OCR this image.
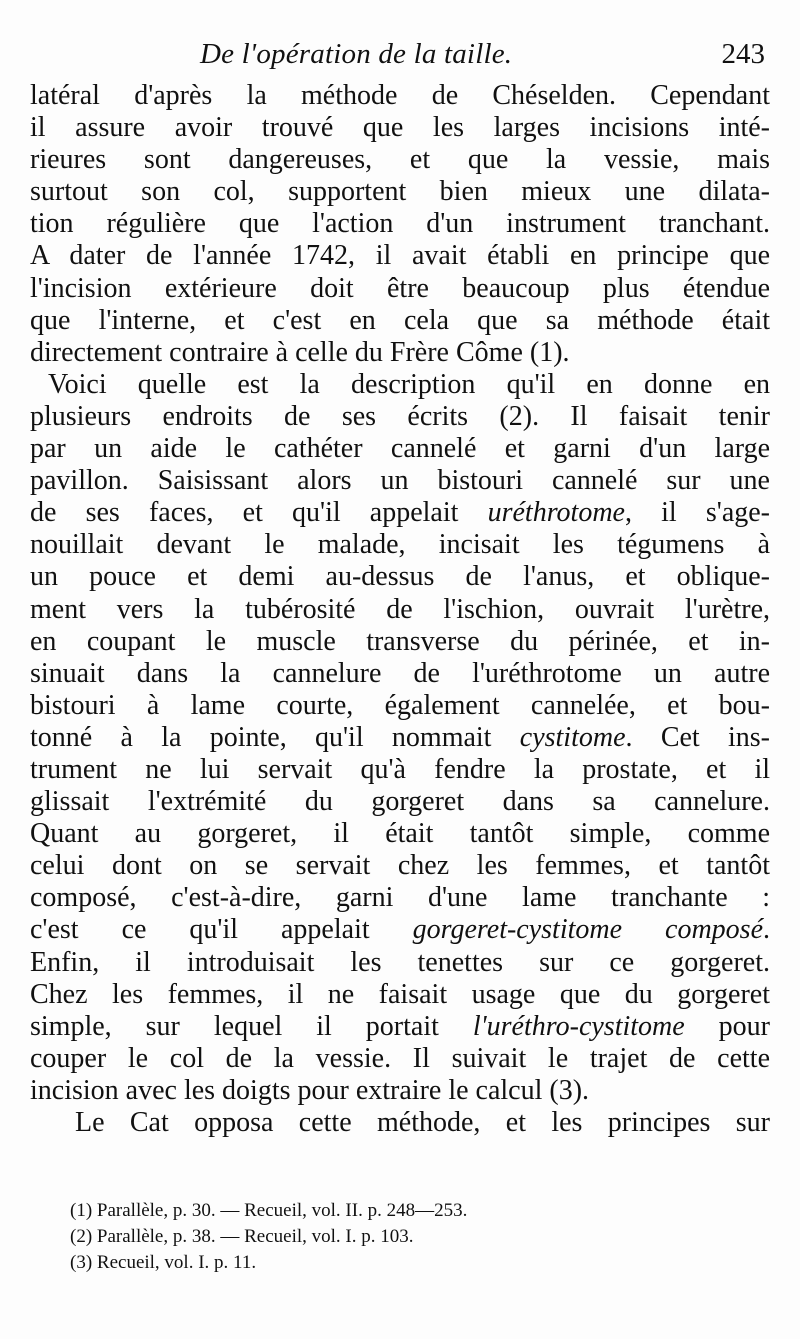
De l'opération de la taille.	243
latéral d'après la méthode de Chéselden. Cependant
il assure avoir trouvé que les larges incisions inté-
rieures sont dangereuses, et que la vessie, mais
surtout son col, supportent bien mieux une dilata-
tion régulière que l'action d'un instrument tranchant.
A dater de l'année 1742, il avait établi en principe que
l'incision extérieure doit être beaucoup plus étendue
que l'interne, et c'est en cela que sa méthode était
directement contraire à celle du Frère Côme (1).
Voici quelle est la description qu'il en donne en
plusieurs endroits de ses écrits (2). Il faisait tenir
par un aide le cathéter cannelé et garni d'un large
pavillon. Saisissant alors un bistouri cannelé sur une
de ses faces, et qu'il appelait uréthrotome, il s'age-
nouillait devant le malade, incisait les tégumens à
un pouce et demi au-dessus de l'anus, et oblique-
ment vers la tubérosité de l'ischion, ouvrait l'urètre,
en coupant le muscle transverse du périnée, et in-
sinuait dans la cannelure de l'uréthrotome un autre
bistouri à lame courte, également cannelée, et bou-
tonné à la pointe, qu'il nommait cystitome. Cet ins-
trument ne lui servait qu'à fendre la prostate, et il
glissait l'extrémité du gorgeret dans sa cannelure.
Quant au gorgeret, il était tantôt simple, comme
celui dont on se servait chez les femmes, et tantôt
composé, c'est-à-dire, garni d'une lame tranchante :
c'est ce qu'il appelait gorgeret-cystitome composé.
Enfin, il introduisait les tenettes sur ce gorgeret.
Chez les femmes, il ne faisait usage que du gorgeret
simple, sur lequel il portait l'uréthro-cystitome pour
couper le col de la vessie. Il suivait le trajet de cette
incision avec les doigts pour extraire le calcul (3).
Le Cat opposa cette méthode, et les principes sur
(1) Parallèle, p. 30. — Recueil, vol. II. p. 248—253.
(2) Parallèle, p. 38. — Recueil, vol. I. p. 103.
(3) Recueil, vol. I. p. 11.
